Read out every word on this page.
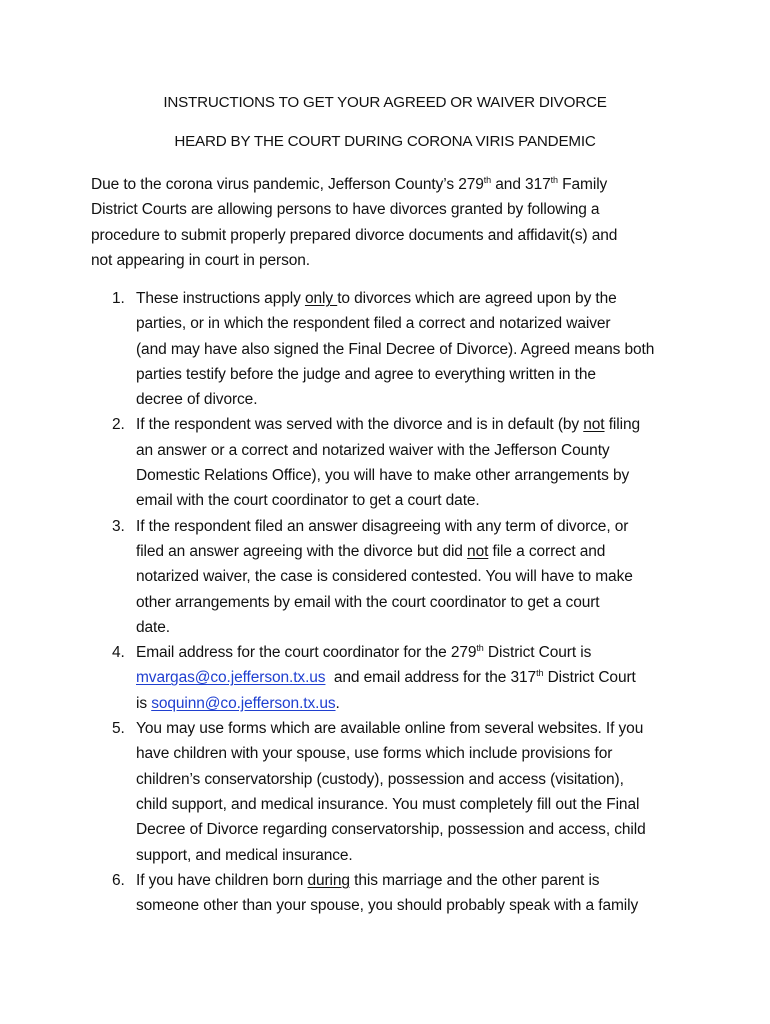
INSTRUCTIONS TO GET YOUR AGREED OR WAIVER DIVORCE
HEARD BY THE COURT DURING CORONA VIRIS PANDEMIC
Due to the corona virus pandemic, Jefferson County’s 279th and 317th Family
District Courts are allowing persons to have divorces granted by following a
procedure to submit properly prepared divorce documents and affidavit(s) and
not appearing in court in person.
1. These instructions apply only to divorces which are agreed upon by the
parties, or in which the respondent filed a correct and notarized waiver
(and may have also signed the Final Decree of Divorce). Agreed means both
parties testify before the judge and agree to everything written in the
decree of divorce.
2. If the respondent was served with the divorce and is in default (by not filing
an answer or a correct and notarized waiver with the Jefferson County
Domestic Relations Office), you will have to make other arrangements by
email with the court coordinator to get a court date.
3. If the respondent filed an answer disagreeing with any term of divorce, or
filed an answer agreeing with the divorce but did not file a correct and
notarized waiver, the case is considered contested. You will have to make
other arrangements by email with the court coordinator to get a court
date.
4. Email address for the court coordinator for the 279th District Court is
mvargas@co.jefferson.tx.us  and email address for the 317th District Court
is soquinn@co.jefferson.tx.us.
5. You may use forms which are available online from several websites. If you
have children with your spouse, use forms which include provisions for
children’s conservatorship (custody), possession and access (visitation),
child support, and medical insurance. You must completely fill out the Final
Decree of Divorce regarding conservatorship, possession and access, child
support, and medical insurance.
6. If you have children born during this marriage and the other parent is
someone other than your spouse, you should probably speak with a family
